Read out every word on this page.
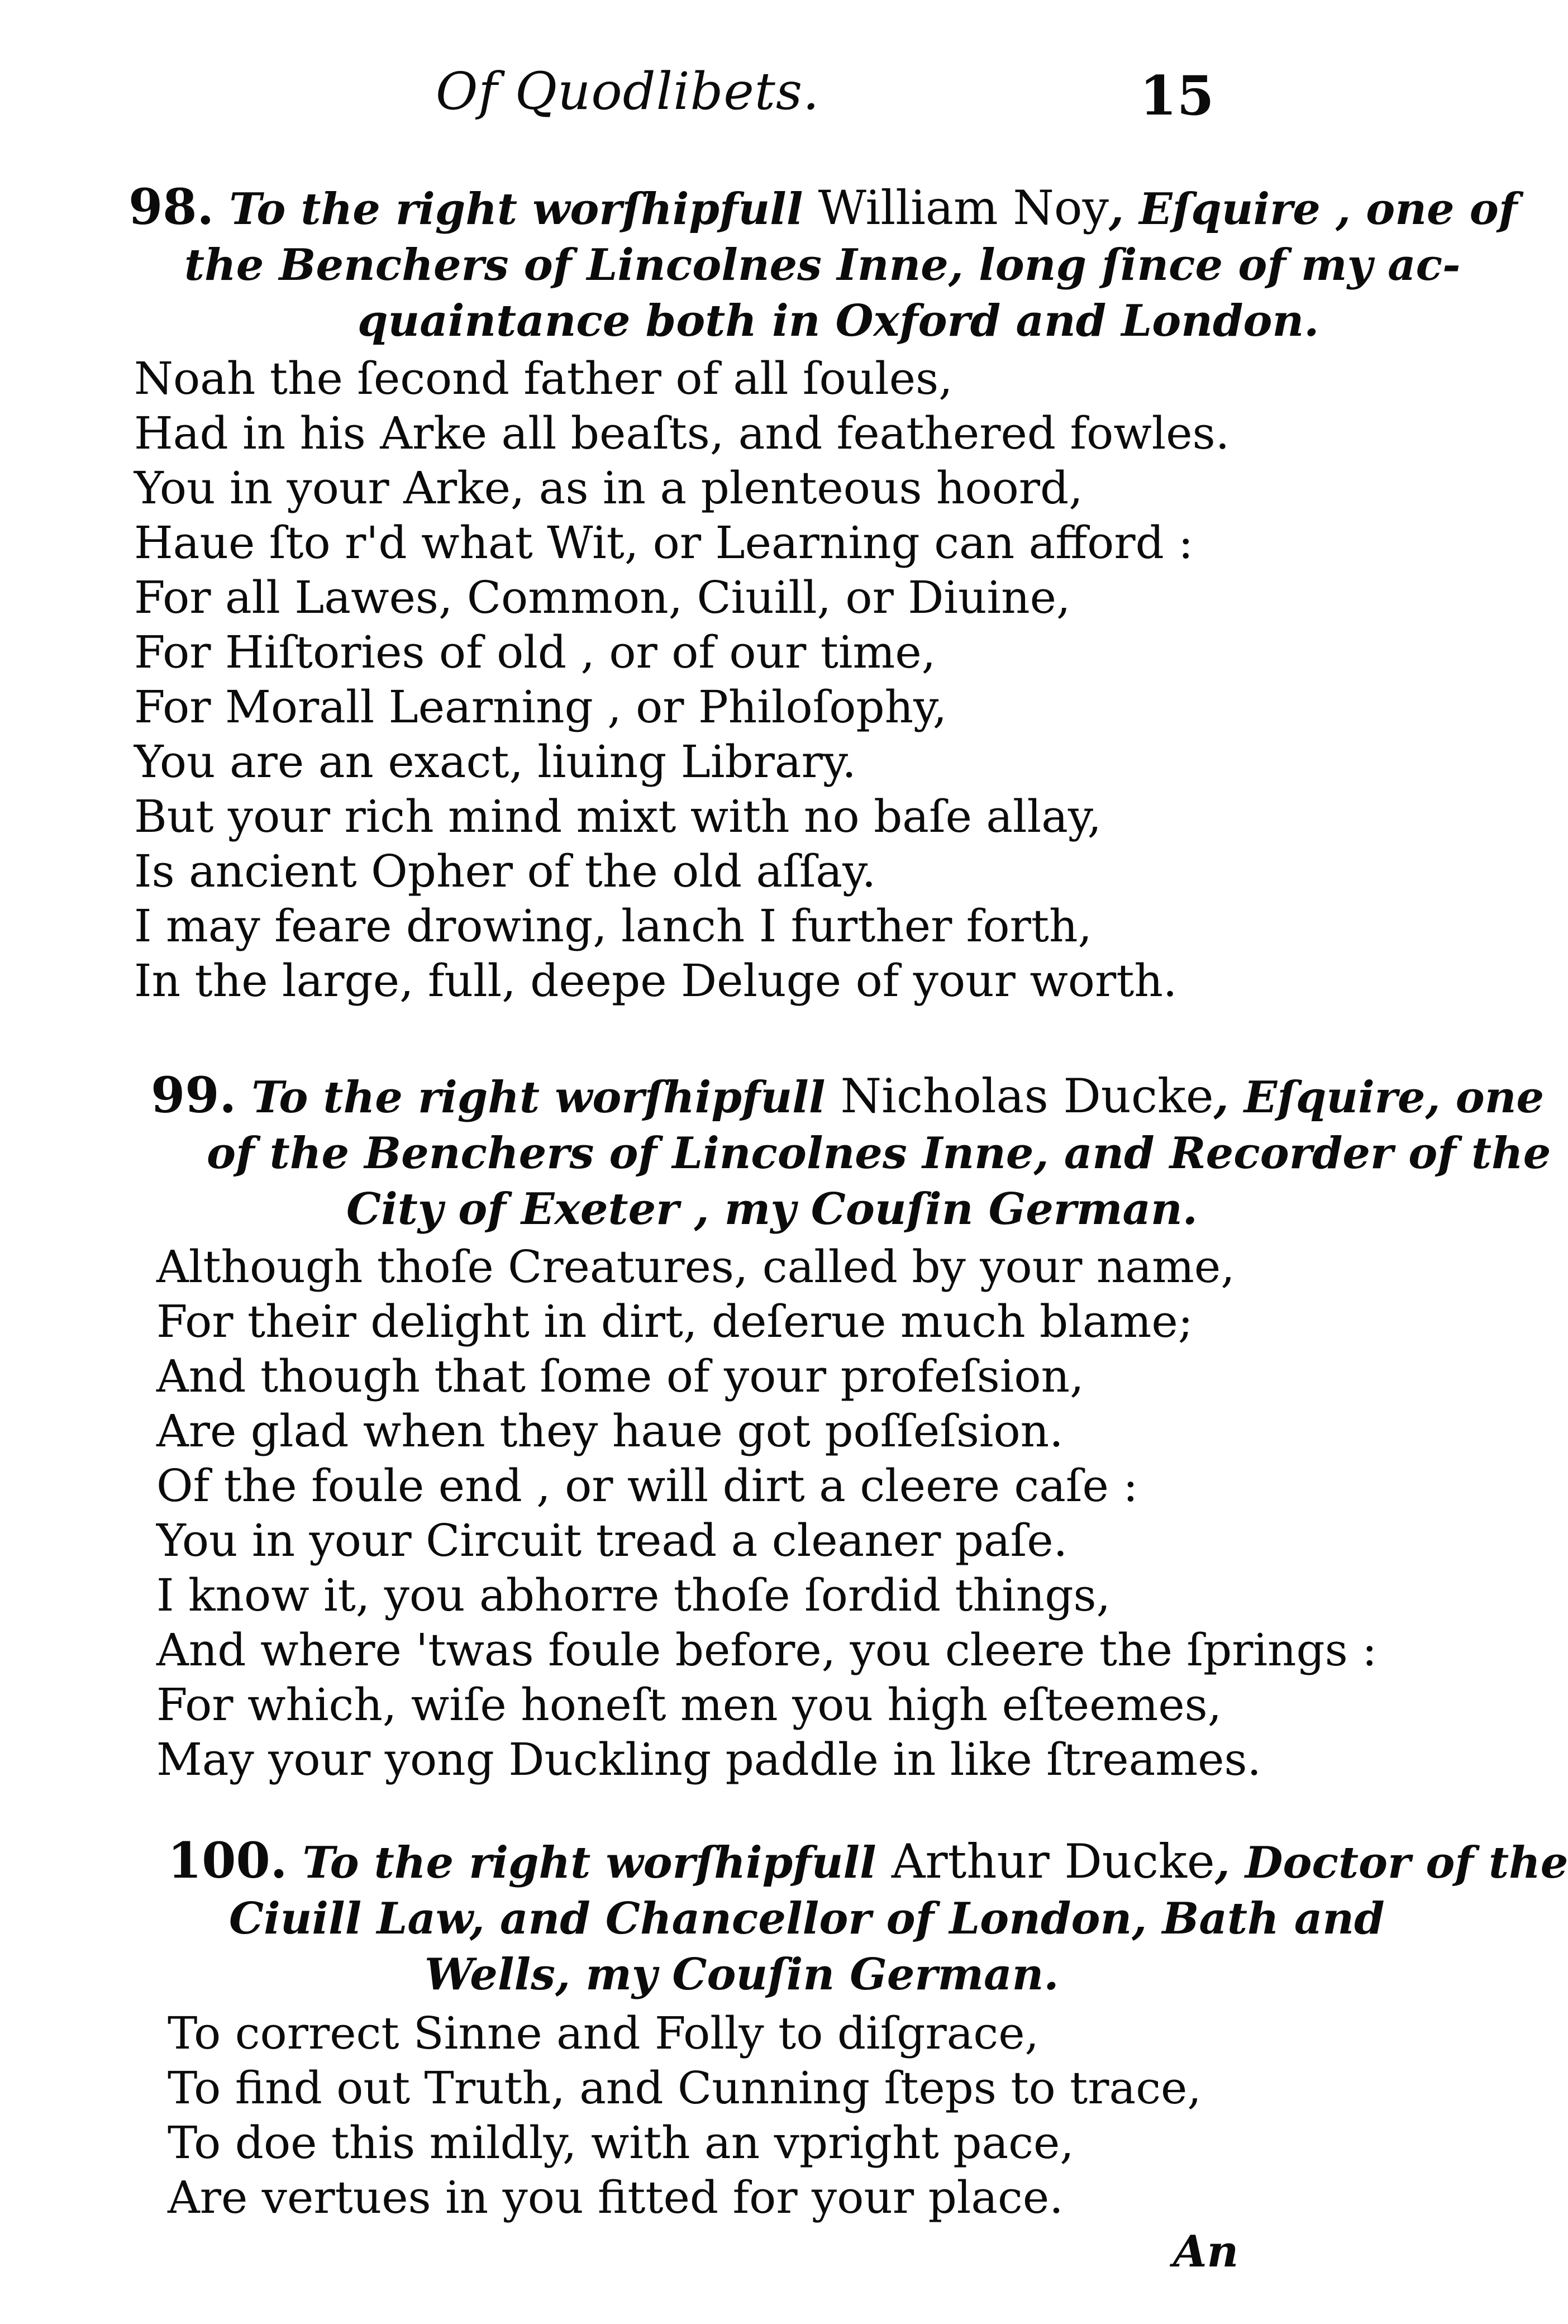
Of Quodlibets.	15
98. To the right worſhipfull William Noy, Eſquire , one of
the Benchers of Lincolnes Inne, long ſince of my ac-
quaintance both in Oxford and London.
Noah the ſecond father of all ſoules,
Had in his Arke all beaſts, and feathered fowles.
You in your Arke, as in a plenteous hoord,
Haue ſto r'd what Wit, or Learning can afford :
For all Lawes, Common, Ciuill, or Diuine,
For Hiſtories of old , or of our time,
For Morall Learning , or Philoſophy,
You are an exact, liuing Library.
But your rich mind mixt with no baſe allay,
Is ancient Opher of the old aſſay.
I may feare drowing, lanch I further forth,
In the large, full, deepe Deluge of your worth.
99. To the right worſhipfull Nicholas Ducke, Eſquire, one
of the Benchers of Lincolnes Inne, and Recorder of the
City of Exeter , my Couſin German.
Although thoſe Creatures, called by your name,
For their delight in dirt, deſerue much blame;
And though that ſome of your profeſsion,
Are glad when they haue got poſſeſsion.
Of the foule end , or will dirt a cleere caſe :
You in your Circuit tread a cleaner paſe.
I know it, you abhorre thoſe ſordid things,
And where 'twas foule before, you cleere the ſprings :
For which, wiſe honeſt men you high eſteemes,
May your yong Duckling paddle in like ſtreames.
100. To the right worſhipfull Arthur Ducke, Doctor of the
Ciuill Law, and Chancellor of London, Bath and
Wells, my Couſin German.
To correct Sinne and Folly to diſgrace,
To find out Truth, and Cunning ſteps to trace,
To doe this mildly, with an vpright pace,
Are vertues in you fitted for your place.
An
